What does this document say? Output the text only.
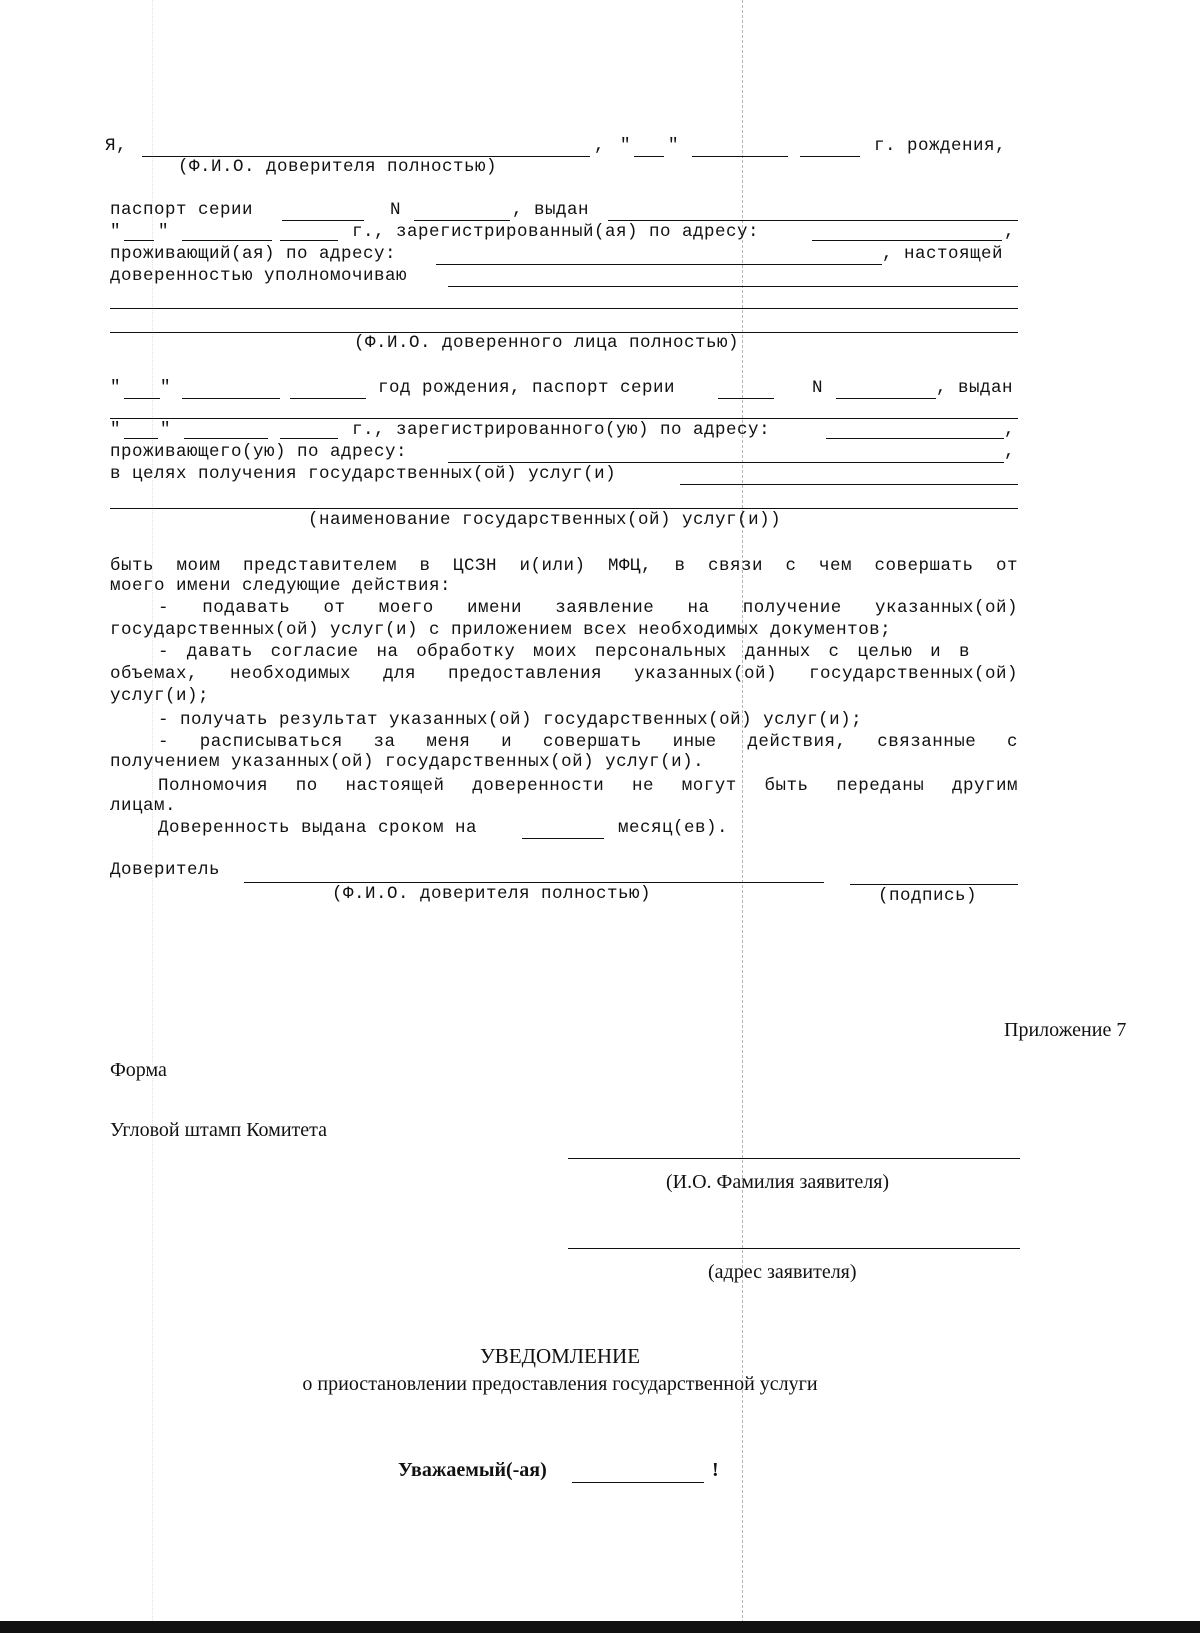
Я,	, " "	г. рождения,
(Ф.И.О. доверителя полностью)
паспорт серии	N	, выдан
" "	г., зарегистрированный(ая) по адресу:	,
проживающий(ая) по адресу:	, настоящей
доверенностью уполномочиваю
(Ф.И.О. доверенного лица полностью)
" "	год рождения, паспорт серии	N	, выдан
" "	г., зарегистрированного(ую) по адресу:	,
проживающего(ую) по адресу:	,
в целях получения государственных(ой) услуг(и)
(наименование государственных(ой) услуг(и))
быть моим представителем в ЦСЗН и(или) МФЦ, в связи с чем совершать от
моего имени следующие действия:
- подавать от моего имени заявление на получение указанных(ой)
государственных(ой) услуг(и) с приложением всех необходимых документов;
- давать согласие на обработку моих персональных данных с целью и в
объемах, необходимых для предоставления указанных(ой) государственных(ой)
услуг(и);
- получать результат указанных(ой) государственных(ой) услуг(и);
- расписываться за меня и совершать иные действия, связанные с
получением указанных(ой) государственных(ой) услуг(и).
Полномочия по настоящей доверенности не могут быть переданы другим
лицам.
Доверенность выдана сроком на	месяц(ев).
Доверитель
(Ф.И.О. доверителя полностью)	(подпись)
Приложение 7
Форма
Угловой штамп Комитета
(И.О. Фамилия заявителя)
(адрес заявителя)
УВЕДОМЛЕНИЕ
о приостановлении предоставления государственной услуги
Уважаемый(-ая)	!
